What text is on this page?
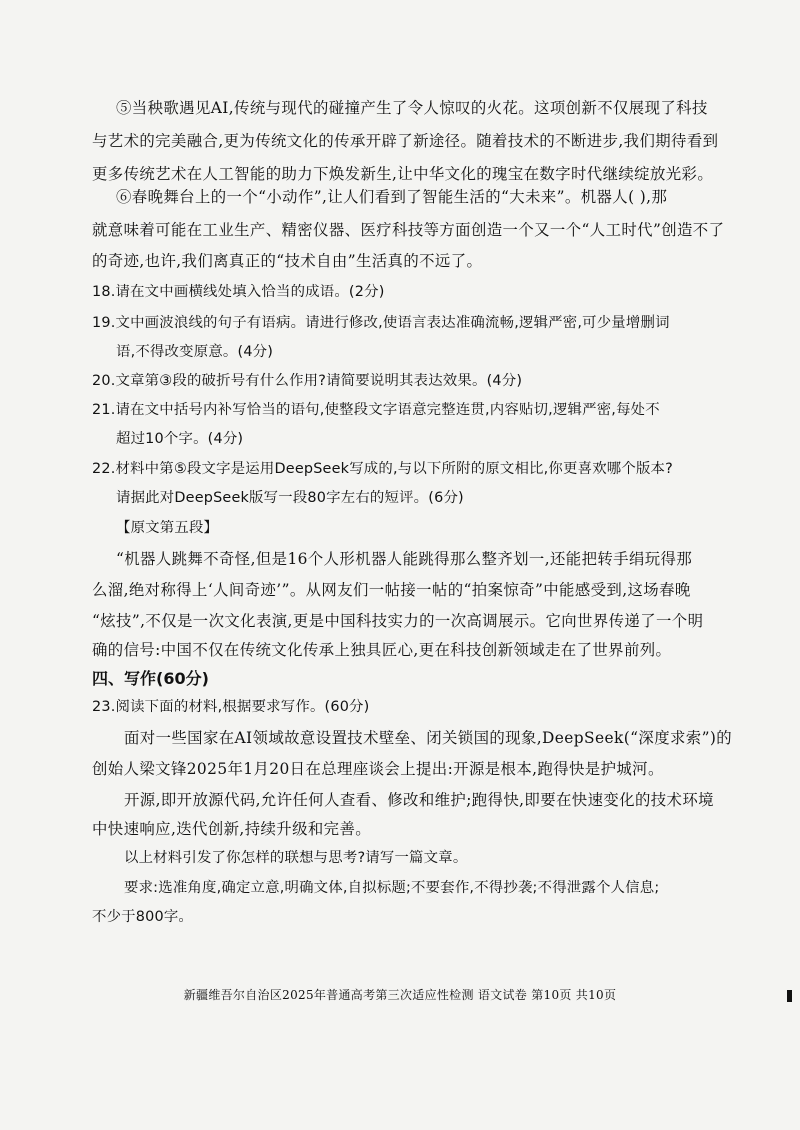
⑤当秧歌遇见AI,传统与现代的碰撞产生了令人惊叹的火花。这项创新不仅展现了科技
与艺术的完美融合,更为传统文化的传承开辟了新途径。随着技术的不断进步,我们期待看到
更多传统艺术在人工智能的助力下焕发新生,让中华文化的瑰宝在数字时代继续绽放光彩。
⑥春晚舞台上的一个“小动作”,让人们看到了智能生活的“大未来”。机器人( ),那
就意味着可能在工业生产、精密仪器、医疗科技等方面创造一个又一个“人工时代”创造不了
的奇迹,也许,我们离真正的“技术自由”生活真的不远了。
18.请在文中画横线处填入恰当的成语。(2分)
19.文中画波浪线的句子有语病。请进行修改,使语言表达准确流畅,逻辑严密,可少量增删词
语,不得改变原意。(4分)
20.文章第③段的破折号有什么作用?请简要说明其表达效果。(4分)
21.请在文中括号内补写恰当的语句,使整段文字语意完整连贯,内容贴切,逻辑严密,每处不
超过10个字。(4分)
22.材料中第⑤段文字是运用DeepSeek写成的,与以下所附的原文相比,你更喜欢哪个版本?
请据此对DeepSeek版写一段80字左右的短评。(6分)
【原文第五段】
“机器人跳舞不奇怪,但是16个人形机器人能跳得那么整齐划一,还能把转手绢玩得那
么溜,绝对称得上‘人间奇迹’”。从网友们一帖接一帖的“拍案惊奇”中能感受到,这场春晚
“炫技”,不仅是一次文化表演,更是中国科技实力的一次高调展示。它向世界传递了一个明
确的信号:中国不仅在传统文化传承上独具匠心,更在科技创新领域走在了世界前列。
四、写作(60分)
23.阅读下面的材料,根据要求写作。(60分)
面对一些国家在AI领域故意设置技术壁垒、闭关锁国的现象,DeepSeek(“深度求索”)的
创始人梁文锋2025年1月20日在总理座谈会上提出:开源是根本,跑得快是护城河。
开源,即开放源代码,允许任何人查看、修改和维护;跑得快,即要在快速变化的技术环境
中快速响应,迭代创新,持续升级和完善。
以上材料引发了你怎样的联想与思考?请写一篇文章。
要求:选准角度,确定立意,明确文体,自拟标题;不要套作,不得抄袭;不得泄露个人信息;
不少于800字。
新疆维吾尔自治区2025年普通高考第三次适应性检测 语文试卷 第10页 共10页
